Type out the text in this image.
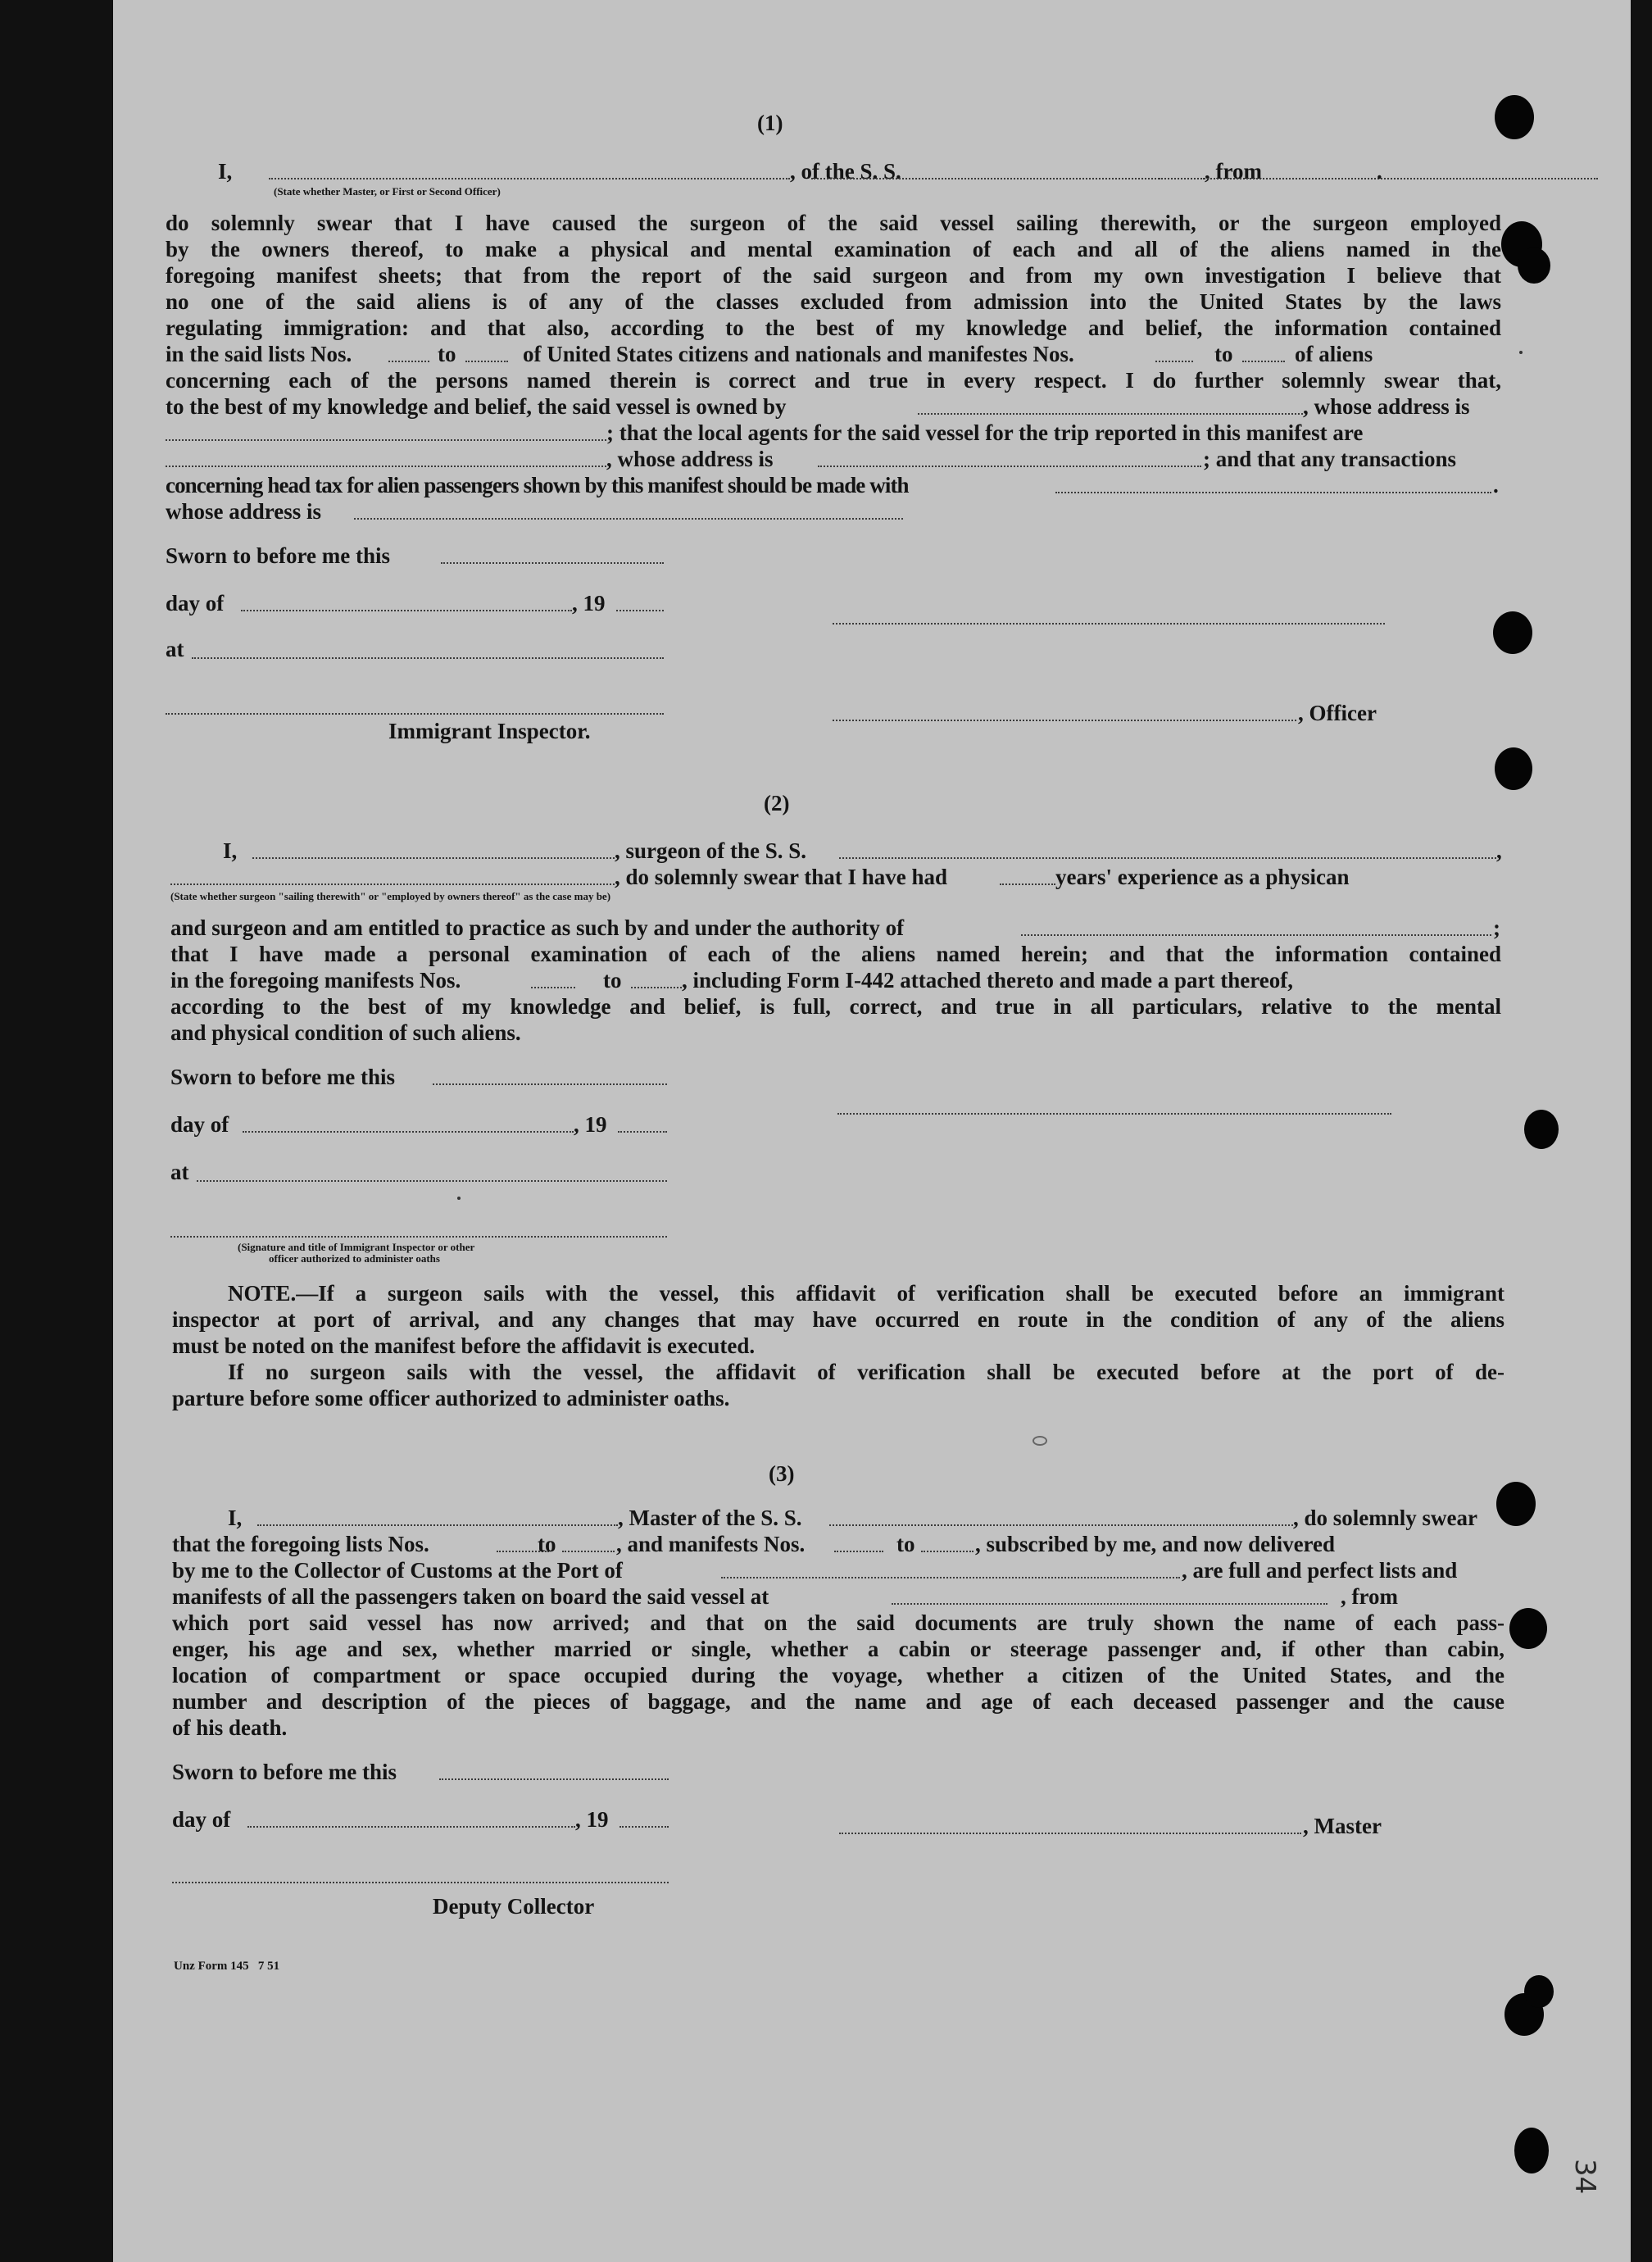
(1)
I,	, of the S. S.	, from	.
(State whether Master, or First or Second Officer)
do solemnly swear that I have caused the surgeon of the said vessel sailing therewith, or the surgeon employed
by the owners thereof, to make a physical and mental examination of each and all of the aliens named in the
foregoing manifest sheets; that from the report of the said surgeon and from my own investigation I believe that
no one of the said aliens is of any of the classes excluded from admission into the United States by the laws
regulating immigration: and that also, according to the best of my knowledge and belief, the information contained
in the said lists Nos.	to	of United States citizens and nationals and manifestes Nos.	to	of aliens
concerning each of the persons named therein is correct and true in every respect. I do further solemnly swear that,
to the best of my knowledge and belief, the said vessel is owned by	, whose address is
; that the local agents for the said vessel for the trip reported in this manifest are
, whose address is	; and that any transactions
concerning head tax for alien passengers shown by this manifest should be made with	.
whose address is
Sworn to before me this
day of	, 19
at
, Officer
Immigrant Inspector.
(2)
I,	, surgeon of the S. S.	,
, do solemnly swear that I have had	years' experience as a physican
(State whether surgeon "sailing therewith" or "employed by owners thereof" as the case may be)
and surgeon and am entitled to practice as such by and under the authority of	;
that I have made a personal examination of each of the aliens named herein; and that the information contained
in the foregoing manifests Nos.	to	, including Form I-442 attached thereto and made a part thereof,
according to the best of my knowledge and belief, is full, correct, and true in all particulars, relative to the mental
and physical condition of such aliens.
Sworn to before me this
day of	, 19
at
(Signature and title of Immigrant Inspector or other
officer authorized to administer oaths
NOTE.—If a surgeon sails with the vessel, this affidavit of verification shall be executed before an immigrant
inspector at port of arrival, and any changes that may have occurred en route in the condition of any of the aliens
must be noted on the manifest before the affidavit is executed.
If no surgeon sails with the vessel, the affidavit of verification shall be executed before at the port of de-
parture before some officer authorized to administer oaths.
(3)
I,	, Master of the S. S.	, do solemnly swear
that the foregoing lists Nos.	to	, and manifests Nos.	to	, subscribed by me, and now delivered
by me to the Collector of Customs at the Port of	, are full and perfect lists and
manifests of all the passengers taken on board the said vessel at	, from
which port said vessel has now arrived; and that on the said documents are truly shown the name of each pass-
enger, his age and sex, whether married or single, whether a cabin or steerage passenger and, if other than cabin,
location of compartment or space occupied during the voyage, whether a citizen of the United States, and the
number and description of the pieces of baggage, and the name and age of each deceased passenger and the cause
of his death.
Sworn to before me this
day of	, 19	, Master
Deputy Collector
Unz Form 145   7 51
34
